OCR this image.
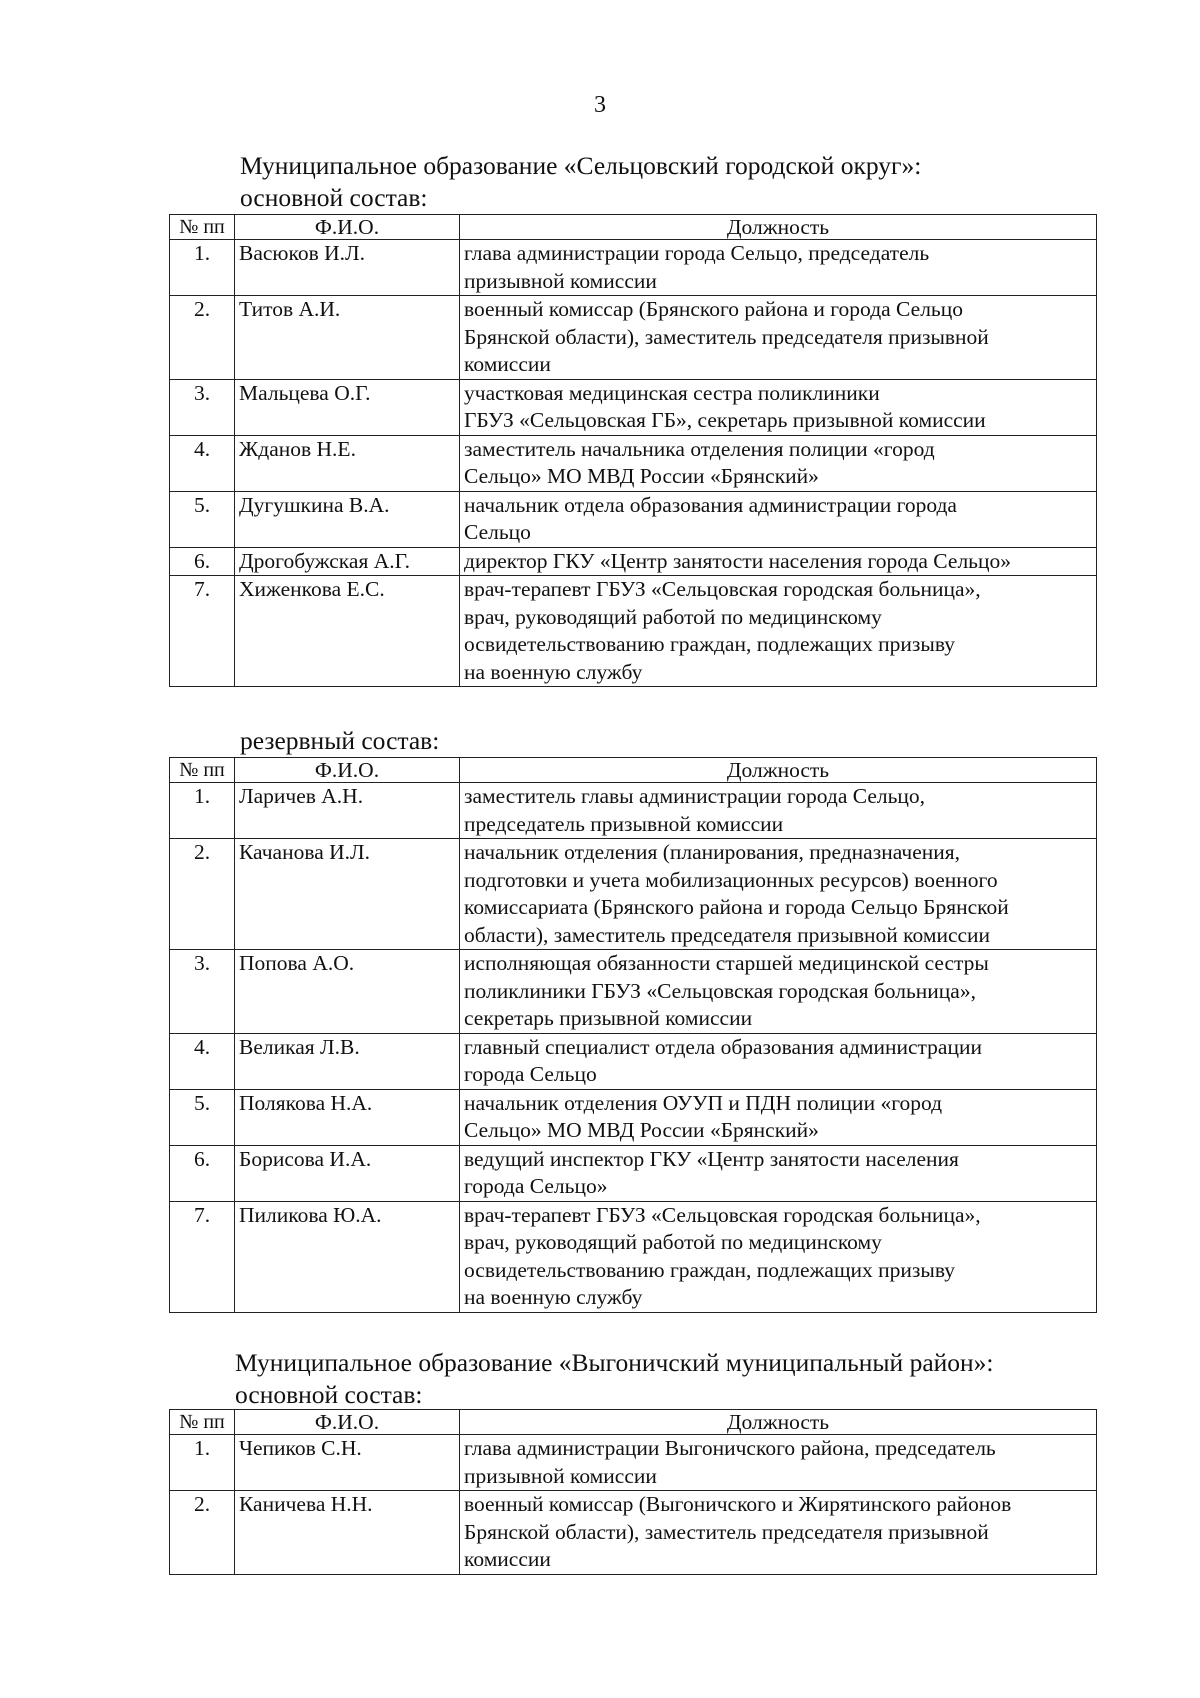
3
Муниципальное образование «Сельцовский городской округ»:
основной состав:
№ пп	Ф.И.О.	Должность
1.	Васюков И.Л.	глава администрации города Сельцо, председатель
призывной комиссии

2.	Титов А.И.	военный комиссар (Брянского района и города Сельцо
Брянской области), заместитель председателя призывной
комиссии

3.	Мальцева О.Г.	участковая медицинская сестра поликлиники
ГБУЗ «Сельцовская ГБ», секретарь призывной комиссии

4.	Жданов Н.Е.	заместитель начальника отделения полиции «город
Сельцо» МО МВД России «Брянский»

5.	Дугушкина В.А.	начальник отдела образования администрации города
Сельцо

6.	Дрогобужская А.Г.	директор ГКУ «Центр занятости населения города Сельцо»

7.	Хиженкова Е.С.	врач-терапевт ГБУЗ «Сельцовская городская больница»,
врач, руководящий работой по медицинскому
освидетельствованию граждан, подлежащих призыву
на военную службу
резервный состав:
№ пп	Ф.И.О.	Должность
1.	Ларичев А.Н.	заместитель главы администрации города Сельцо,
председатель призывной комиссии

2.	Качанова И.Л.	начальник отделения (планирования, предназначения,
подготовки и учета мобилизационных ресурсов) военного
комиссариата (Брянского района и города Сельцо Брянской
области), заместитель председателя призывной комиссии

3.	Попова А.О.	исполняющая обязанности старшей медицинской сестры
поликлиники ГБУЗ «Сельцовская городская больница»,
секретарь призывной комиссии

4.	Великая Л.В.	главный специалист отдела образования администрации
города Сельцо

5.	Полякова Н.А.	начальник отделения ОУУП и ПДН полиции «город
Сельцо» МО МВД России «Брянский»

6.	Борисова И.А.	ведущий инспектор ГКУ «Центр занятости населения
города Сельцо»

7.	Пиликова Ю.А.	врач-терапевт ГБУЗ «Сельцовская городская больница»,
врач, руководящий работой по медицинскому
освидетельствованию граждан, подлежащих призыву
на военную службу
Муниципальное образование «Выгоничский муниципальный район»:
основной состав:
№ пп	Ф.И.О.	Должность
1.	Чепиков С.Н.	глава администрации Выгоничского района, председатель
призывной комиссии

2.	Каничева Н.Н.	военный комиссар (Выгоничского и Жирятинского районов
Брянской области), заместитель председателя призывной
комиссии
